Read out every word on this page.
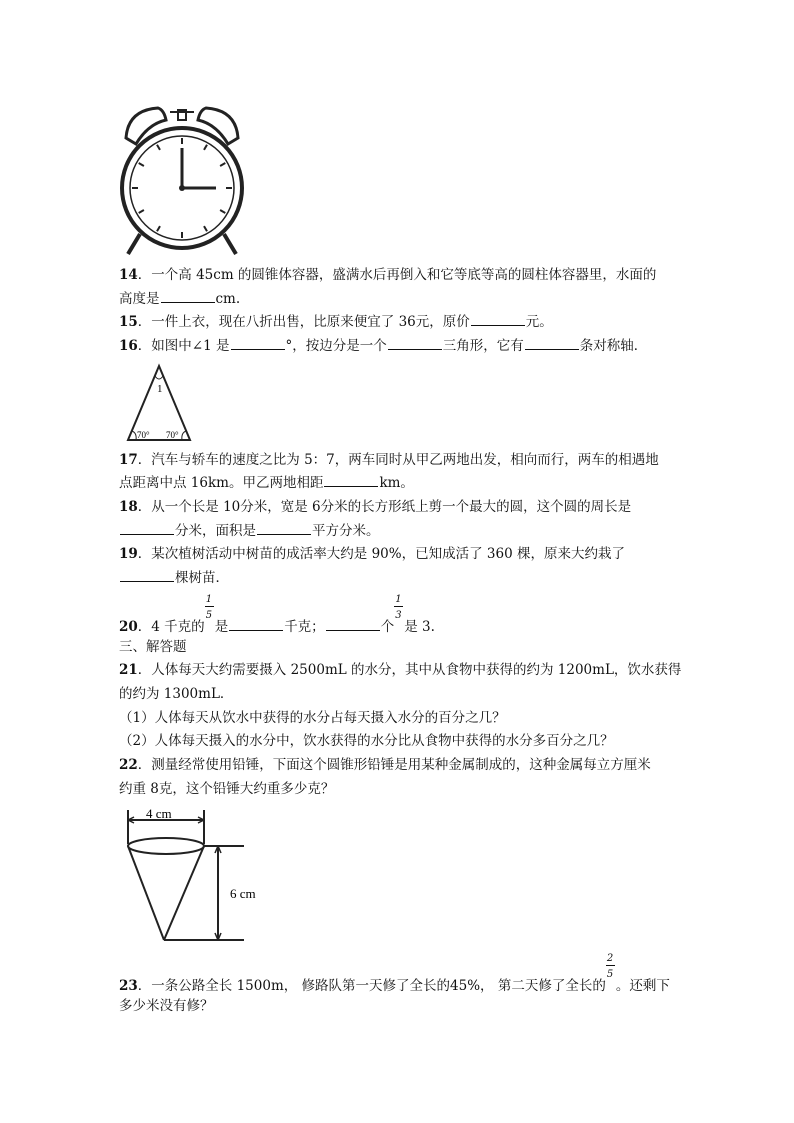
14．一个高 45cm 的圆锥体容器，盛满水后再倒入和它等底等高的圆柱体容器里，水面的
高度是	cm.
15．一件上衣，现在八折出售，比原来便宜了 36元，原价	元。
16．如图中∠1 是	°，按边分是一个	三角形，它有	条对称轴．
1
70° 70°
17．汽车与轿车的速度之比为 5：7，两车同时从甲乙两地出发，相向而行，两车的相遇地
点距离中点 16km。甲乙两地相距	km。
18．从一个长是 10分米，宽是 6分米的长方形纸上剪一个最大的圆，这个圆的周长是
分米，面积是	平方分米。
19．某次植树活动中树苗的成活率大约是 90%，已知成活了 360 棵，原来大约栽了
棵树苗．
20．4 千克的 $\frac{1}{5}$ 是	千克；	个 $\frac{1}{3}$ 是 3.
三、解答题
21．人体每天大约需要摄入 2500mL 的水分，其中从食物中获得的约为 1200mL，饮水获得
的约为 1300mL．
（1）人体每天从饮水中获得的水分占每天摄入水分的百分之几？
（2）人体每天摄入的水分中，饮水获得的水分比从食物中获得的水分多百分之几？
22．测量经常使用铅锤，下面这个圆锥形铅锤是用某种金属制成的，这种金属每立方厘米
约重 8克，这个铅锤大约重多少克？
4 cm
6 cm
23．一条公路全长 1500m， 修路队第一天修了全长的45%， 第二天修了全长的 $\frac{2}{5}$ 。还剩下
多少米没有修？
